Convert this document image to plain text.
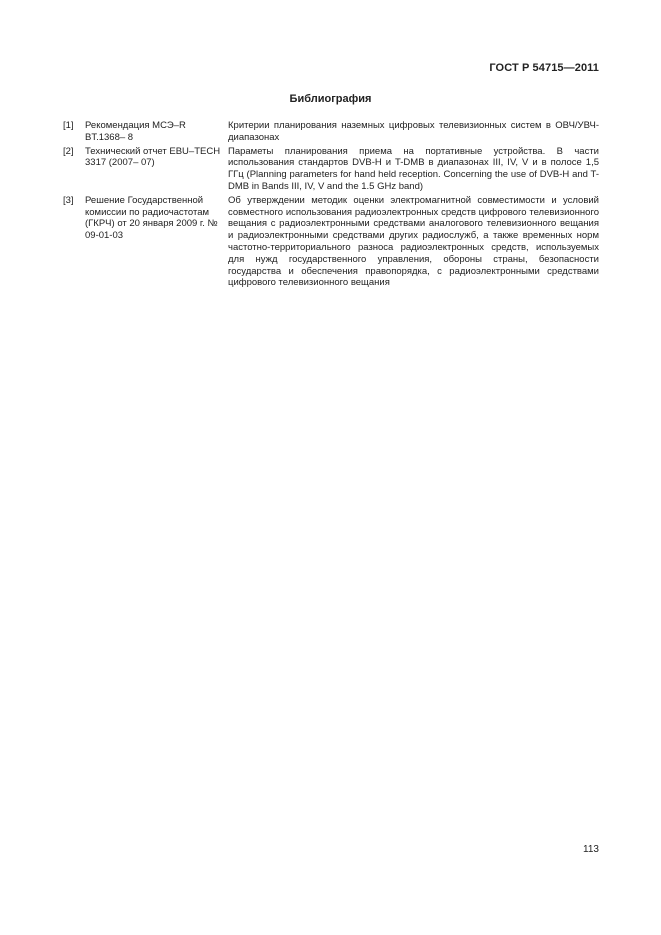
ГОСТ Р 54715—2011
Библиография
[1] Рекомендация МСЭ–R BT.1368– 8
Критерии планирования наземных цифровых телевизионных систем в ОВЧ/УВЧ-диапазонах
[2] Технический отчет EBU–TECH 3317 (2007– 07)
Параметы планирования приема на портативные устройства. В части использования стандартов DVB-H и T-DMB в диапазонах III, IV, V и в полосе 1,5 ГГц (Planning parameters for hand held reception. Concerning the use of DVB-H and T-DMB in Bands III, IV, V and the 1.5 GHz band)
[3] Решение Государственной комиссии по радиочастотам (ГКРЧ) от 20 января 2009 г. № 09-01-03
Об утверждении методик оценки электромагнитной совместимости и условий совместного использования радиоэлектронных средств цифрового телевизионного вещания с радиоэлектронными средствами аналогового телевизионного вещания и радиоэлектронными средствами других радиослужб, а также временных норм частотно-территориального разноса радиоэлектронных средств, используемых для нужд государственного управления, обороны страны, безопасности государства и обеспечения правопорядка, с радиоэлектронными средствами цифрового телевизионного вещания
113
